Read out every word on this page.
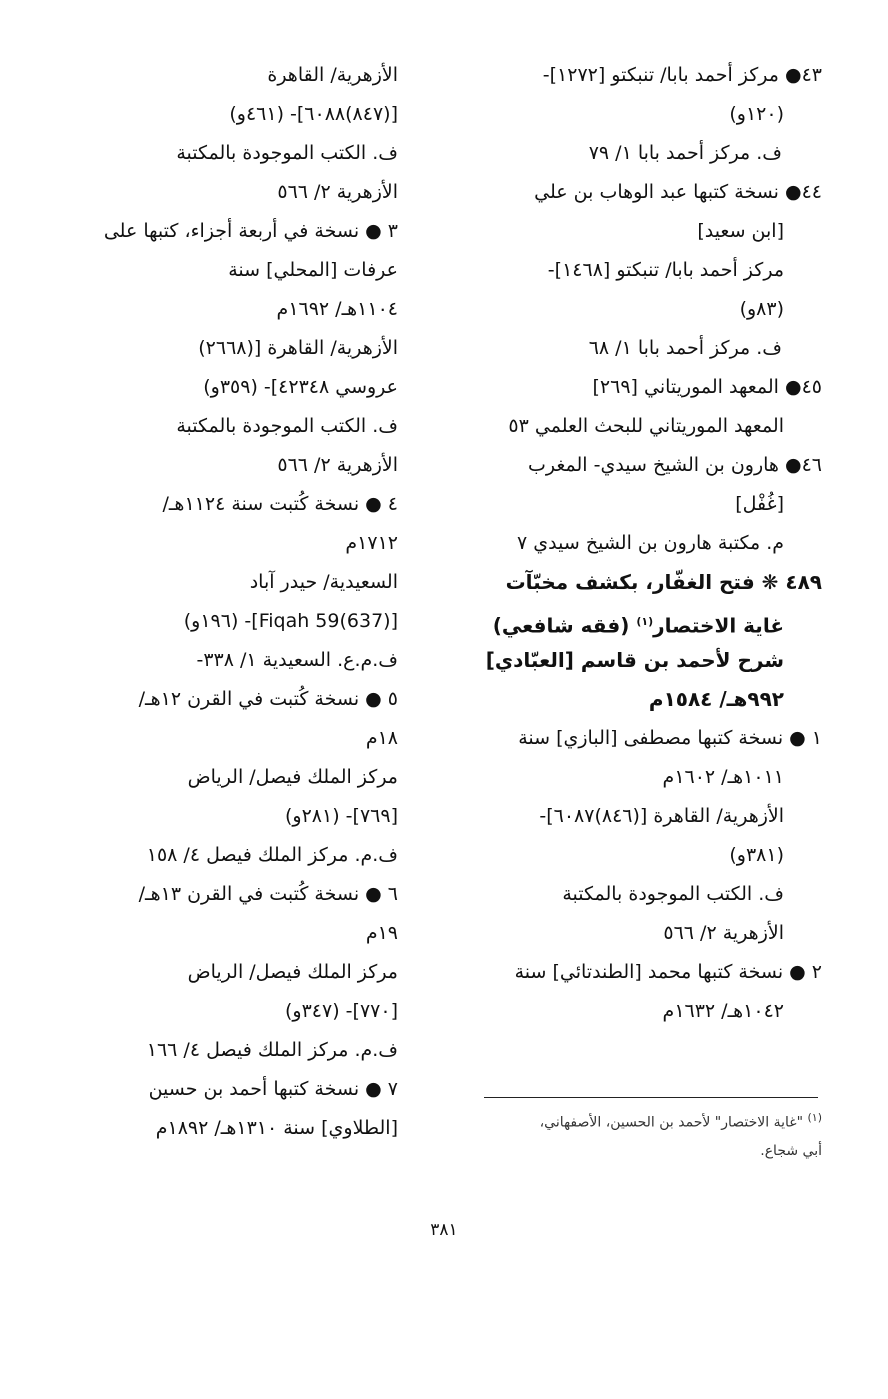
٤٣● مركز أحمد بابا/ تنبكتو [١٢٧٢]-
(١٢٠و)
ف. مركز أحمد بابا ١/ ٧٩
٤٤● نسخة كتبها عبد الوهاب بن علي
[ابن سعيد]
مركز أحمد بابا/ تنبكتو [١٤٦٨]-
(٨٣و)
ف. مركز أحمد بابا ١/ ٦٨
٤٥● المعهد الموريتاني [٢٦٩]
المعهد الموريتاني للبحث العلمي ٥٣
٤٦● هارون بن الشيخ سيدي- المغرب
[غُفْل]
م. مكتبة هارون بن الشيخ سيدي ٧
٤٨٩ ❋ فتح الغفّار، بكشف مخبّآت
غاية الاختصار$^{(١)}$ (فقه شافعي)
شرح لأحمد بن قاسم [العبّادي]
٩٩٢هـ/ ١٥٨٤م
١ ● نسخة كتبها مصطفى [البازي] سنة
١٠١١هـ/ ١٦٠٢م
الأزهرية/ القاهرة [(٨٤٦)٦٠٨٧]-
(٣٨١و)
ف. الكتب الموجودة بالمكتبة
الأزهرية ٢/ ٥٦٦
٢ ● نسخة كتبها محمد [الطندتائي] سنة
١٠٤٢هـ/ ١٦٣٢م
الأزهرية/ القاهرة
[(٨٤٧)٦٠٨٨]- (٤٦١و)
ف. الكتب الموجودة بالمكتبة
الأزهرية ٢/ ٥٦٦
٣ ● نسخة في أربعة أجزاء، كتبها على
عرفات [المحلي] سنة
١١٠٤هـ/ ١٦٩٢م
الأزهرية/ القاهرة [(٢٦٦٨)
عروسي ٤٢٣٤٨]- (٣٥٩و)
ف. الكتب الموجودة بالمكتبة
الأزهرية ٢/ ٥٦٦
٤ ● نسخة كُتبت سنة ١١٢٤هـ/
١٧١٢م
السعيدية/ حيدر آباد
[(637)Fiqah 59]- (١٩٦و)
ف.م.ع. السعيدية ١/ ٣٣٨-
٥ ● نسخة كُتبت في القرن ١٢هـ/
١٨م
مركز الملك فيصل/ الرياض
[٧٦٩]- (٢٨١و)
ف.م. مركز الملك فيصل ٤/ ١٥٨
٦ ● نسخة كُتبت في القرن ١٣هـ/
١٩م
مركز الملك فيصل/ الرياض
[٧٧٠]- (٣٤٧و)
ف.م. مركز الملك فيصل ٤/ ١٦٦
٧ ● نسخة كتبها أحمد بن حسين
[الطلاوي] سنة ١٣١٠هـ/ ١٨٩٢م	$^{(١)}$ "غاية الاختصار" لأحمد بن الحسين، الأصفهاني،
أبي شجاع.
٣٨١
